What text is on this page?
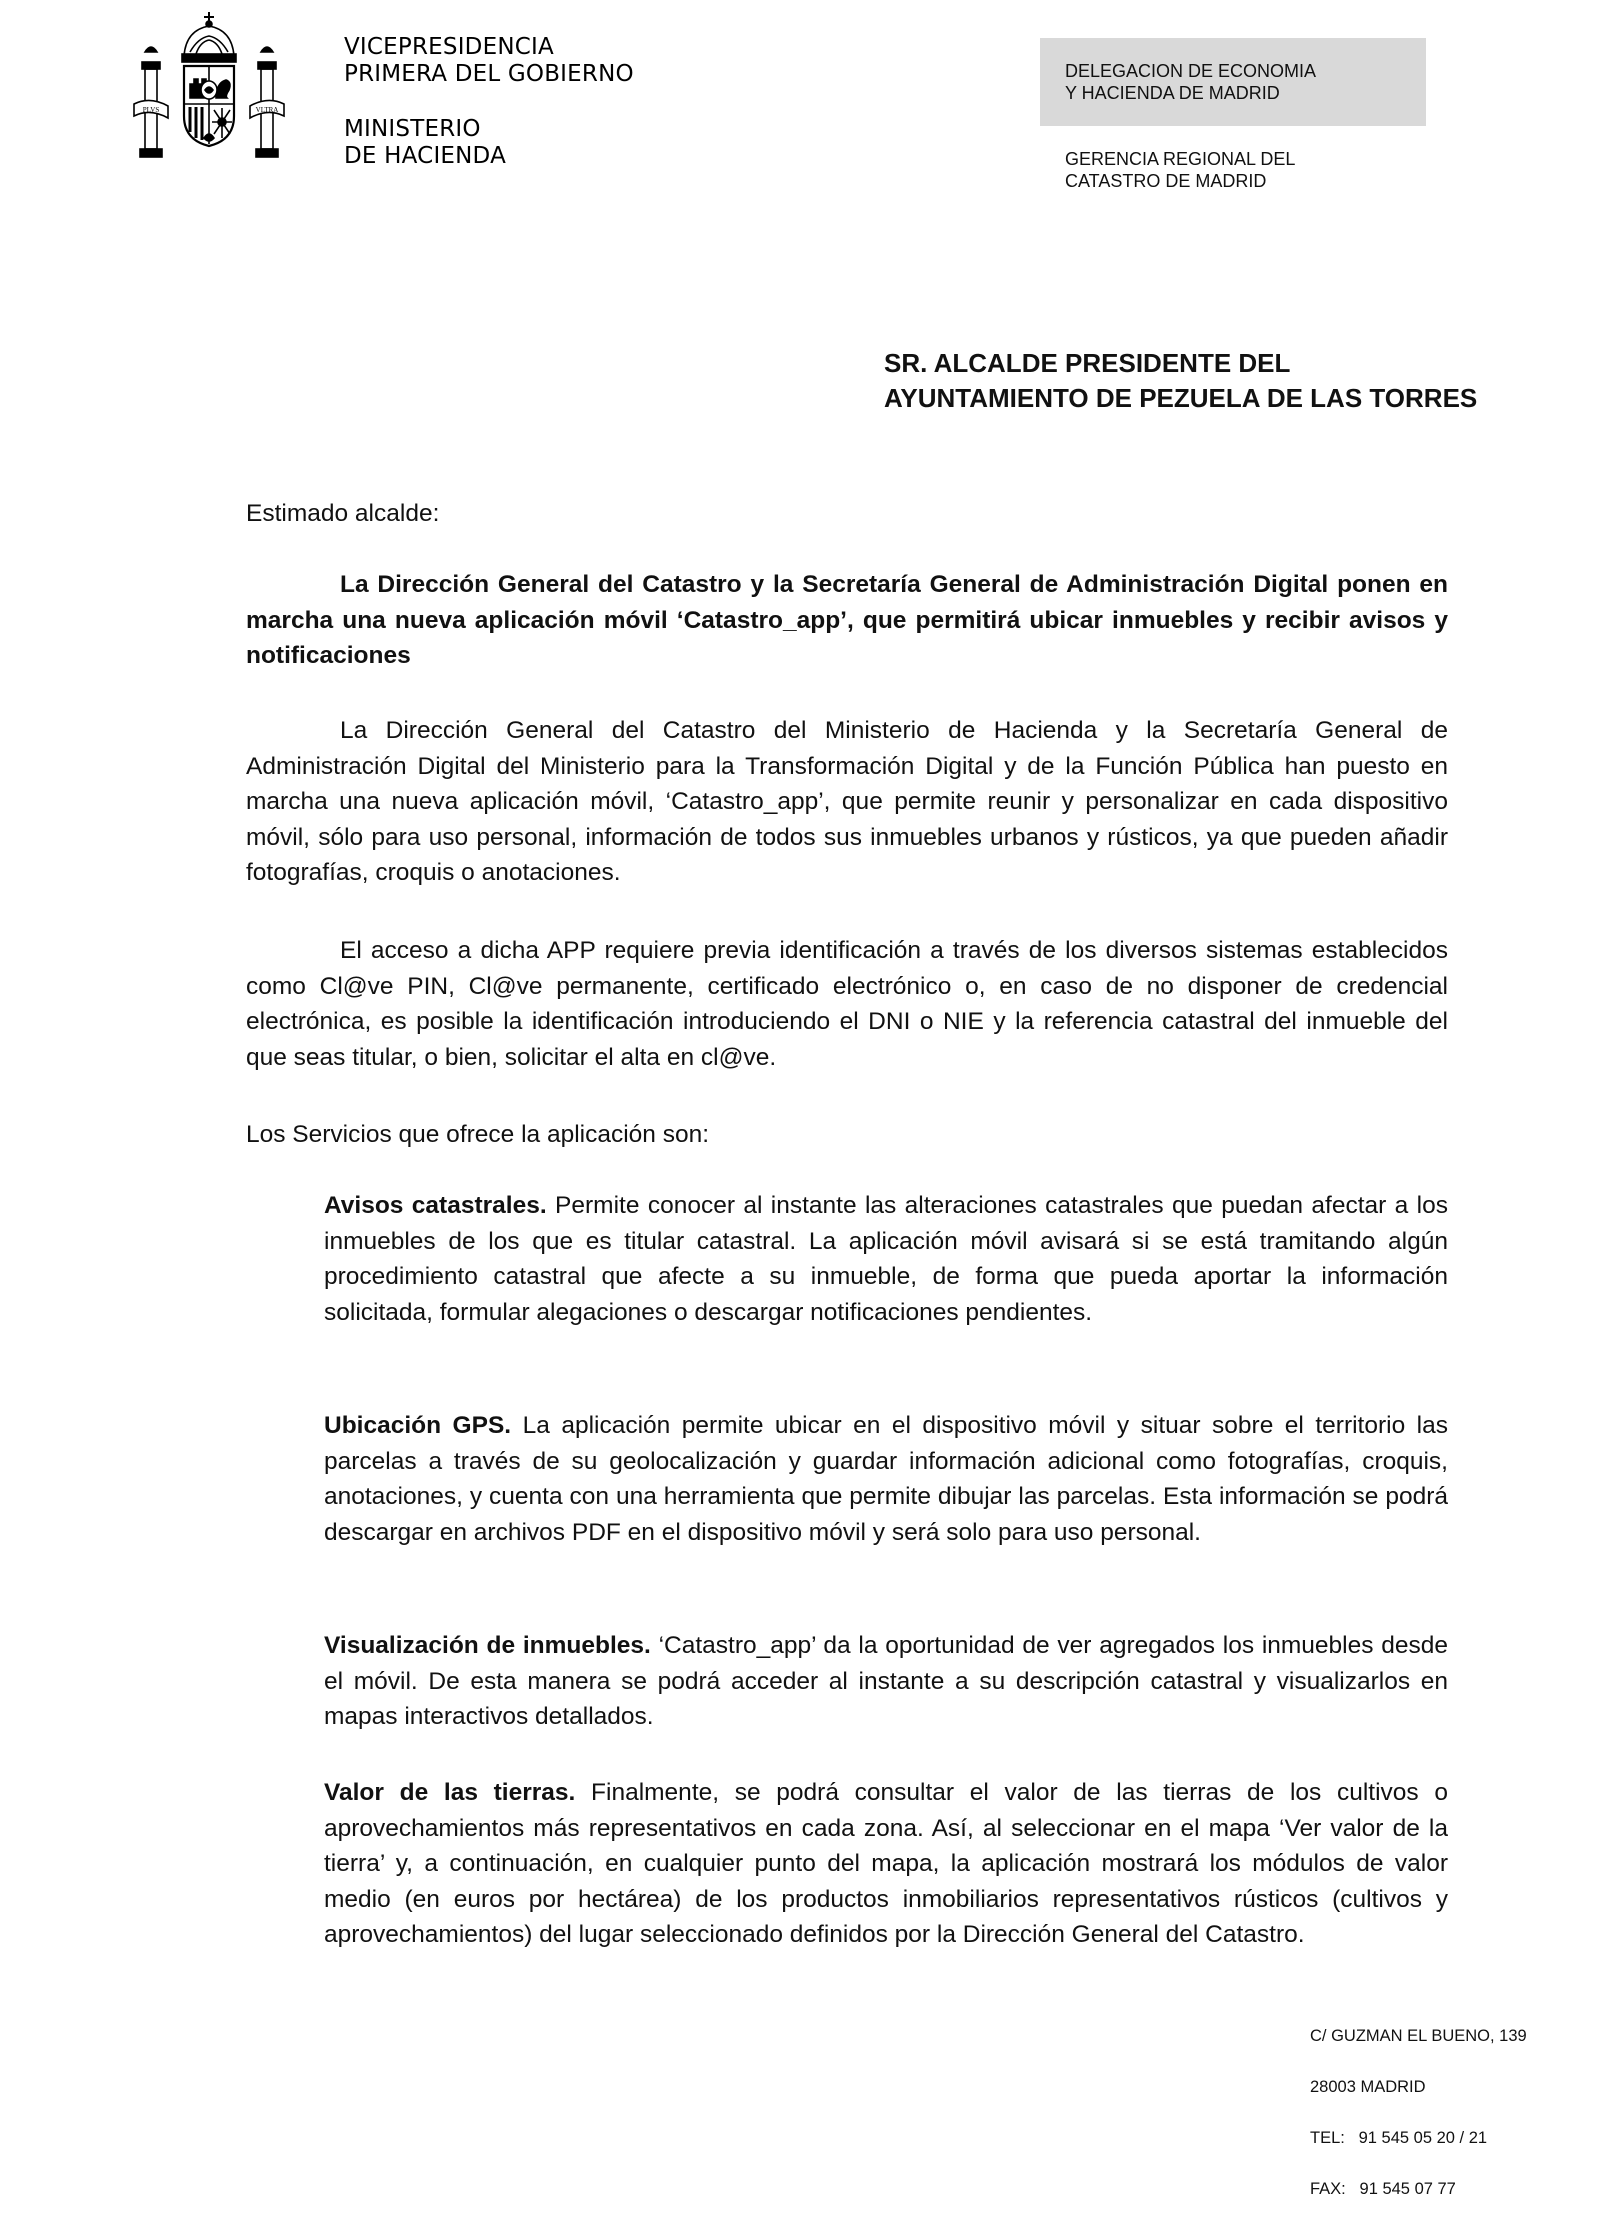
PLVS	VLTRA
VICEPRESIDENCIA
PRIMERA DEL GOBIERNO
MINISTERIO
DE HACIENDA
DELEGACION DE ECONOMIA
Y HACIENDA DE MADRID
GERENCIA REGIONAL DEL
CATASTRO DE MADRID
SR. ALCALDE PRESIDENTE DEL
AYUNTAMIENTO DE PEZUELA DE LAS TORRES

Estimado alcalde:

La Dirección General del Catastro y la Secretaría General de Administración Digital ponen en marcha una nueva aplicación móvil ‘Catastro_app’, que permitirá ubicar inmuebles y recibir avisos y notificaciones

La Dirección General del Catastro del Ministerio de Hacienda y la Secretaría General de Administración Digital del Ministerio para la Transformación Digital y de la Función Pública han puesto en marcha una nueva aplicación móvil, ‘Catastro_app’, que permite reunir y personalizar en cada dispositivo móvil, sólo para uso personal, información de todos sus inmuebles urbanos y rústicos, ya que pueden añadir fotografías, croquis o anotaciones.

El acceso a dicha APP requiere previa identificación a través de los diversos sistemas establecidos como Cl@ve PIN, Cl@ve permanente, certificado electrónico o, en caso de no disponer de credencial electrónica, es posible la identificación introduciendo el DNI o NIE y la referencia catastral del inmueble del que seas titular, o bien, solicitar el alta en cl@ve.

Los Servicios que ofrece la aplicación son:

Avisos catastrales. Permite conocer al instante las alteraciones catastrales que puedan afectar a los inmuebles de los que es titular catastral. La aplicación móvil avisará si se está tramitando algún procedimiento catastral que afecte a su inmueble, de forma que pueda aportar la información solicitada, formular alegaciones o descargar notificaciones pendientes.

Ubicación GPS. La aplicación permite ubicar en el dispositivo móvil y situar sobre el territorio las parcelas a través de su geolocalización y guardar información adicional como fotografías, croquis, anotaciones, y cuenta con una herramienta que permite dibujar las parcelas. Esta información se podrá descargar en archivos PDF en el dispositivo móvil y será solo para uso personal.

Visualización de inmuebles. ‘Catastro_app’ da la oportunidad de ver agregados los inmuebles desde el móvil. De esta manera se podrá acceder al instante a su descripción catastral y visualizarlos en mapas interactivos detallados.

Valor de las tierras. Finalmente, se podrá consultar el valor de las tierras de los cultivos o aprovechamientos más representativos en cada zona. Así, al seleccionar en el mapa ‘Ver valor de la tierra’ y, a continuación, en cualquier punto del mapa, la aplicación mostrará los módulos de valor medio (en euros por hectárea) de los productos inmobiliarios representativos rústicos (cultivos y aprovechamientos) del lugar seleccionado definidos por la Dirección General del Catastro.

C/ GUZMAN EL BUENO, 139

28003 MADRID

TEL:   91 545 05 20 / 21

FAX:   91 545 07 77
